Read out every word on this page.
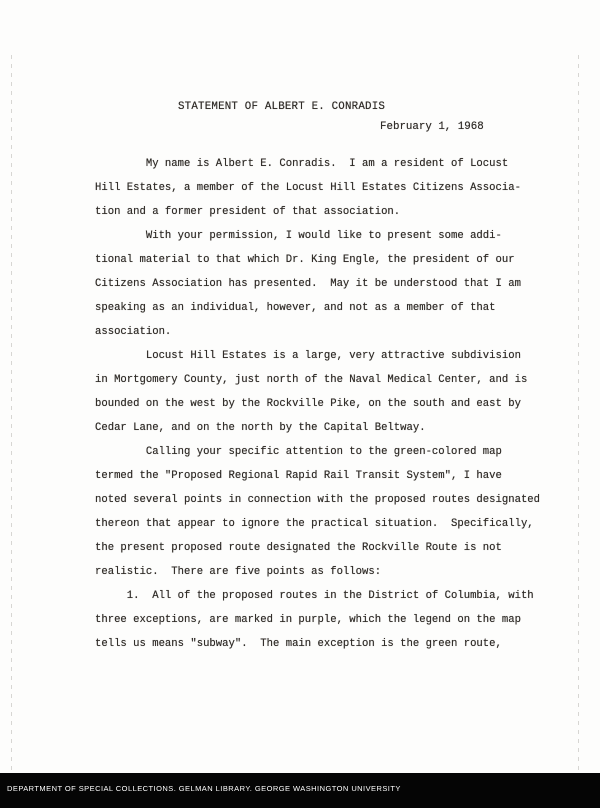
STATEMENT OF ALBERT E. CONRADIS
February 1, 1968
My name is Albert E. Conradis.  I am a resident of Locust
Hill Estates, a member of the Locust Hill Estates Citizens Associa-
tion and a former president of that association.
With your permission, I would like to present some addi-
tional material to that which Dr. King Engle, the president of our
Citizens Association has presented.  May it be understood that I am
speaking as an individual, however, and not as a member of that
association.
Locust Hill Estates is a large, very attractive subdivision
in Mortgomery County, just north of the Naval Medical Center, and is
bounded on the west by the Rockville Pike, on the south and east by
Cedar Lane, and on the north by the Capital Beltway.
Calling your specific attention to the green-colored map
termed the "Proposed Regional Rapid Rail Transit System", I have
noted several points in connection with the proposed routes designated
thereon that appear to ignore the practical situation.  Specifically,
the present proposed route designated the Rockville Route is not
realistic.  There are five points as follows:
1.  All of the proposed routes in the District of Columbia, with
three exceptions, are marked in purple, which the legend on the map
tells us means "subway".  The main exception is the green route,
DEPARTMENT OF SPECIAL COLLECTIONS. GELMAN LIBRARY. GEORGE WASHINGTON UNIVERSITY
